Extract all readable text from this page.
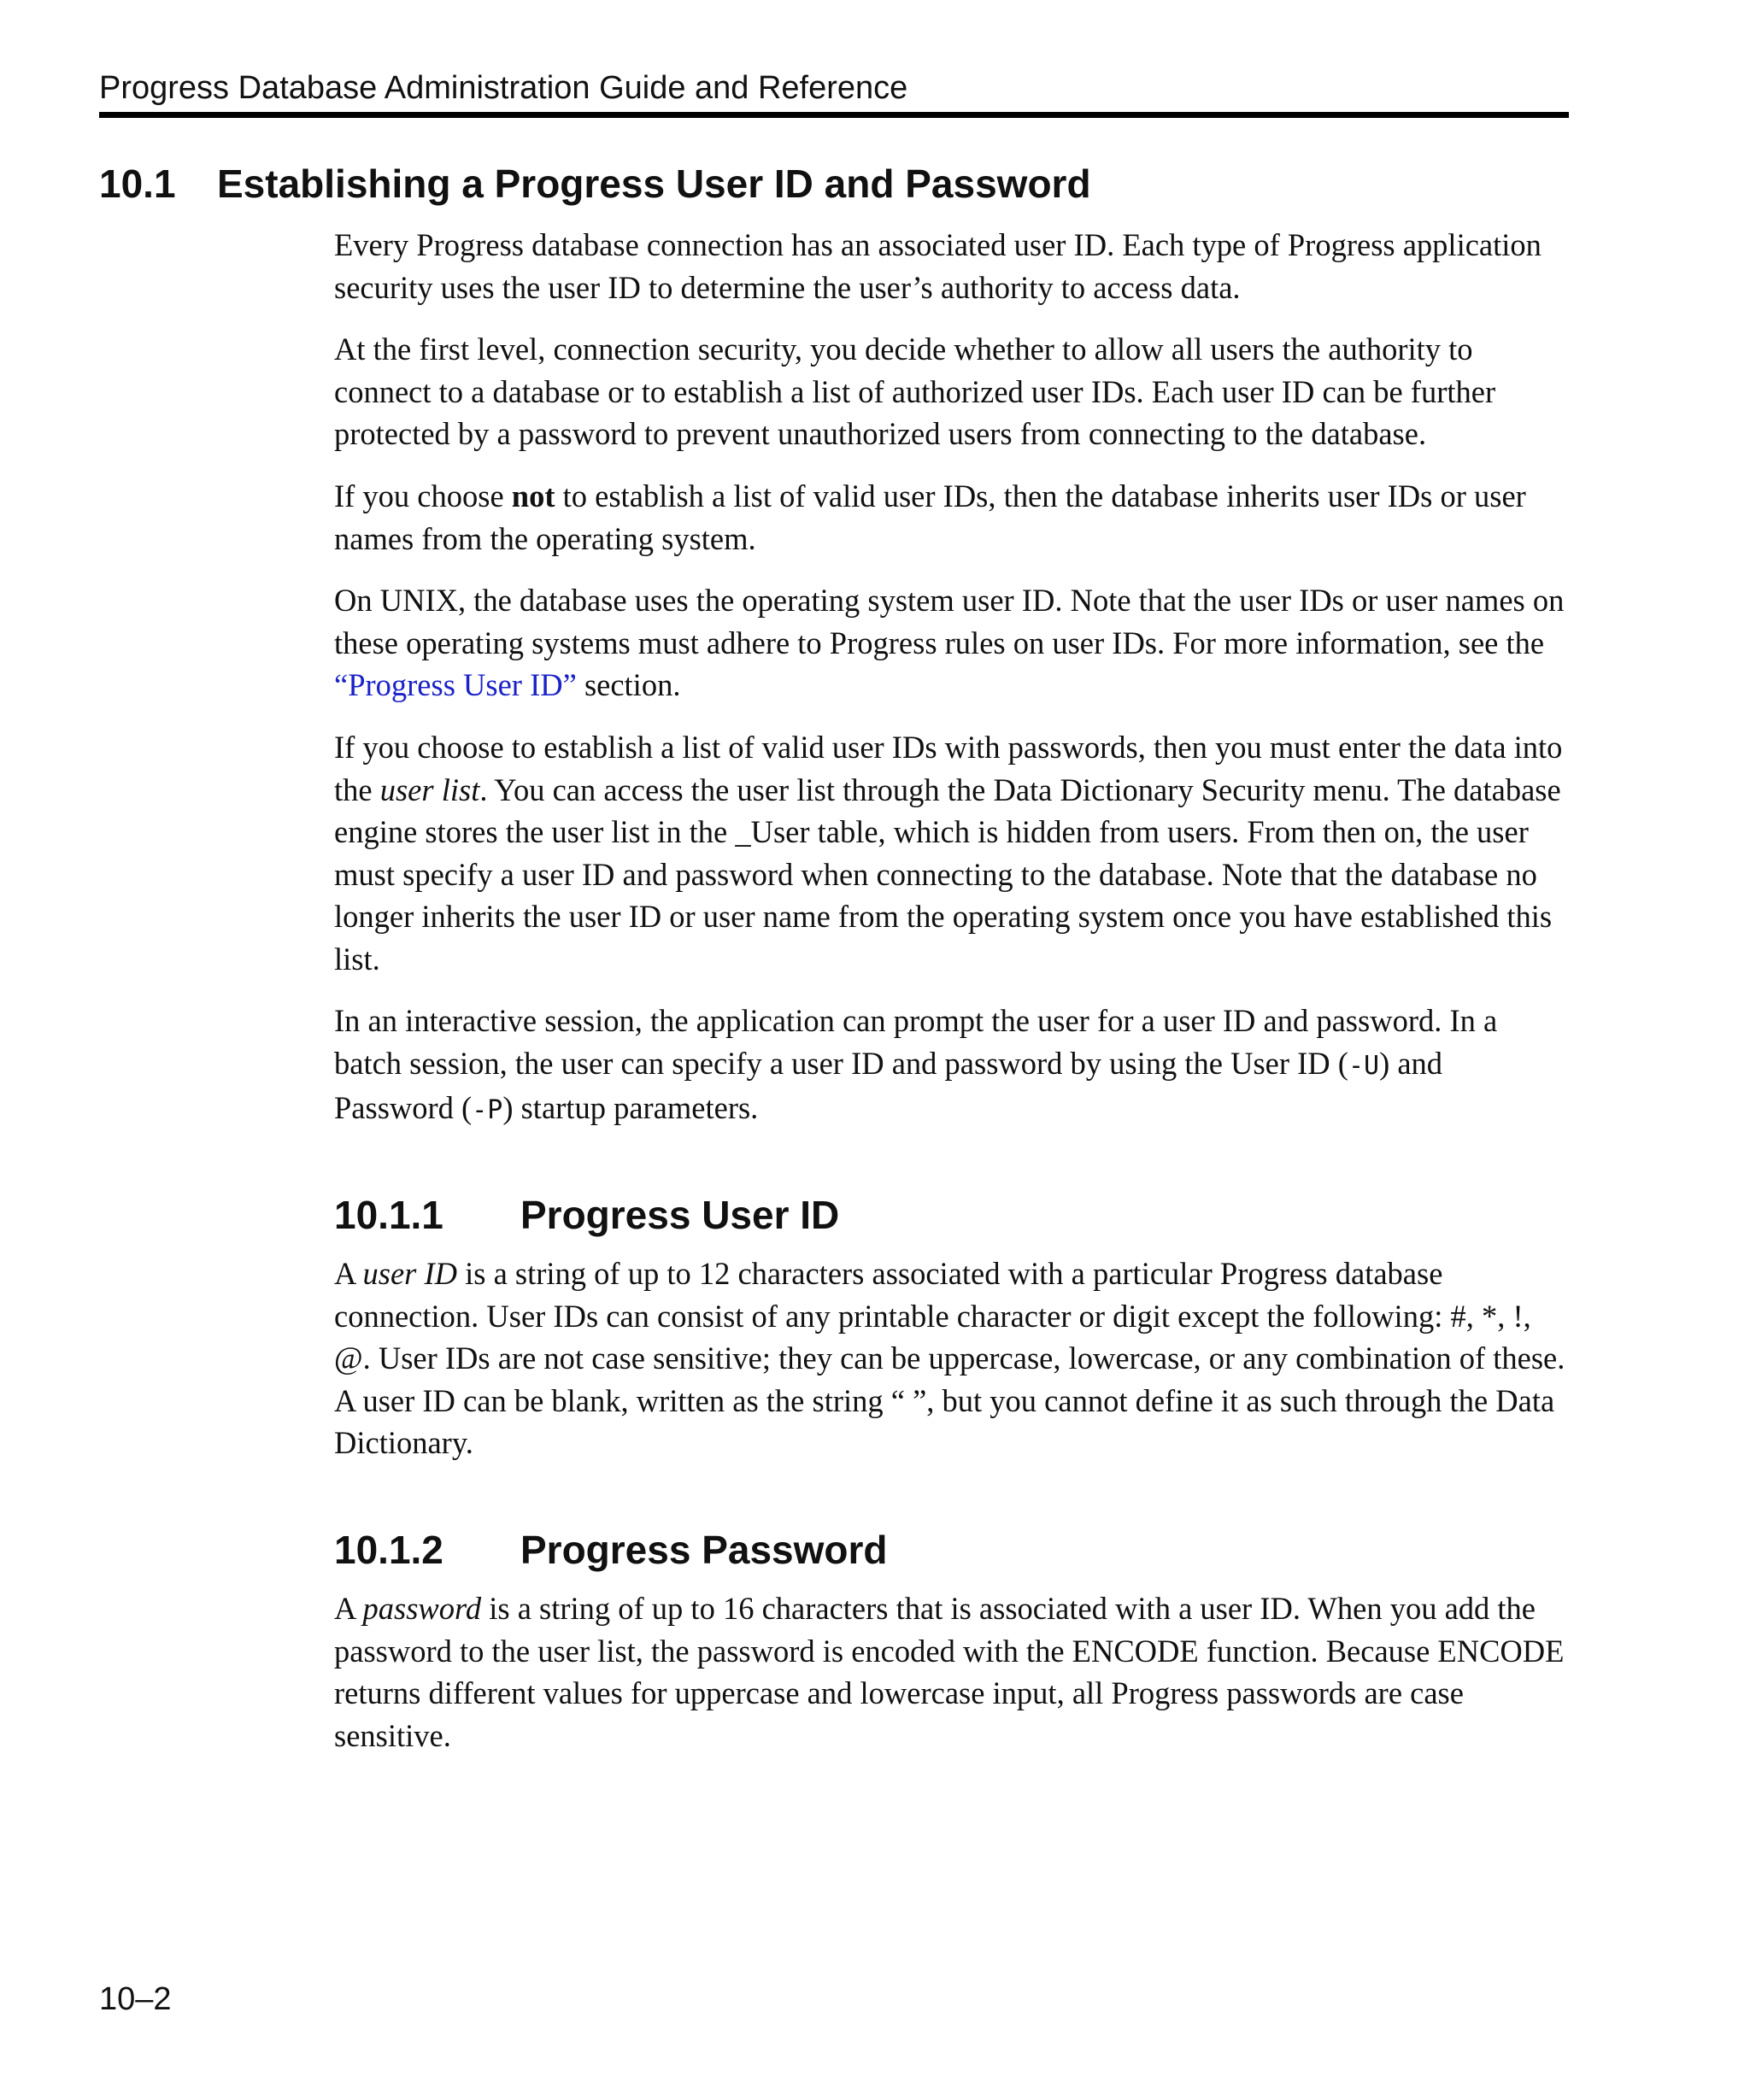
Progress Database Administration Guide and Reference
10.1 Establishing a Progress User ID and Password

Every Progress database connection has an associated user ID. Each type of Progress application security uses the user ID to determine the user’s authority to access data.

At the first level, connection security, you decide whether to allow all users the authority to connect to a database or to establish a list of authorized user IDs. Each user ID can be further protected by a password to prevent unauthorized users from connecting to the database.

If you choose not to establish a list of valid user IDs, then the database inherits user IDs or user names from the operating system.

On UNIX, the database uses the operating system user ID. Note that the user IDs or user names on these operating systems must adhere to Progress rules on user IDs. For more information, see the “Progress User ID” section.

If you choose to establish a list of valid user IDs with passwords, then you must enter the data into the user list. You can access the user list through the Data Dictionary Security menu. The database engine stores the user list in the _User table, which is hidden from users. From then on, the user must specify a user ID and password when connecting to the database. Note that the database no longer inherits the user ID or user name from the operating system once you have established this list.

In an interactive session, the application can prompt the user for a user ID and password. In a batch session, the user can specify a user ID and password by using the User ID (-U) and Password (-P) startup parameters.

10.1.1 Progress User ID

A user ID is a string of up to 12 characters associated with a particular Progress database connection. User IDs can consist of any printable character or digit except the following: #, *, !, @. User IDs are not case sensitive; they can be uppercase, lowercase, or any combination of these. A user ID can be blank, written as the string “ ”, but you cannot define it as such through the Data Dictionary.

10.1.2 Progress Password

A password is a string of up to 16 characters that is associated with a user ID. When you add the password to the user list, the password is encoded with the ENCODE function. Because ENCODE returns different values for uppercase and lowercase input, all Progress passwords are case sensitive.

10–2
